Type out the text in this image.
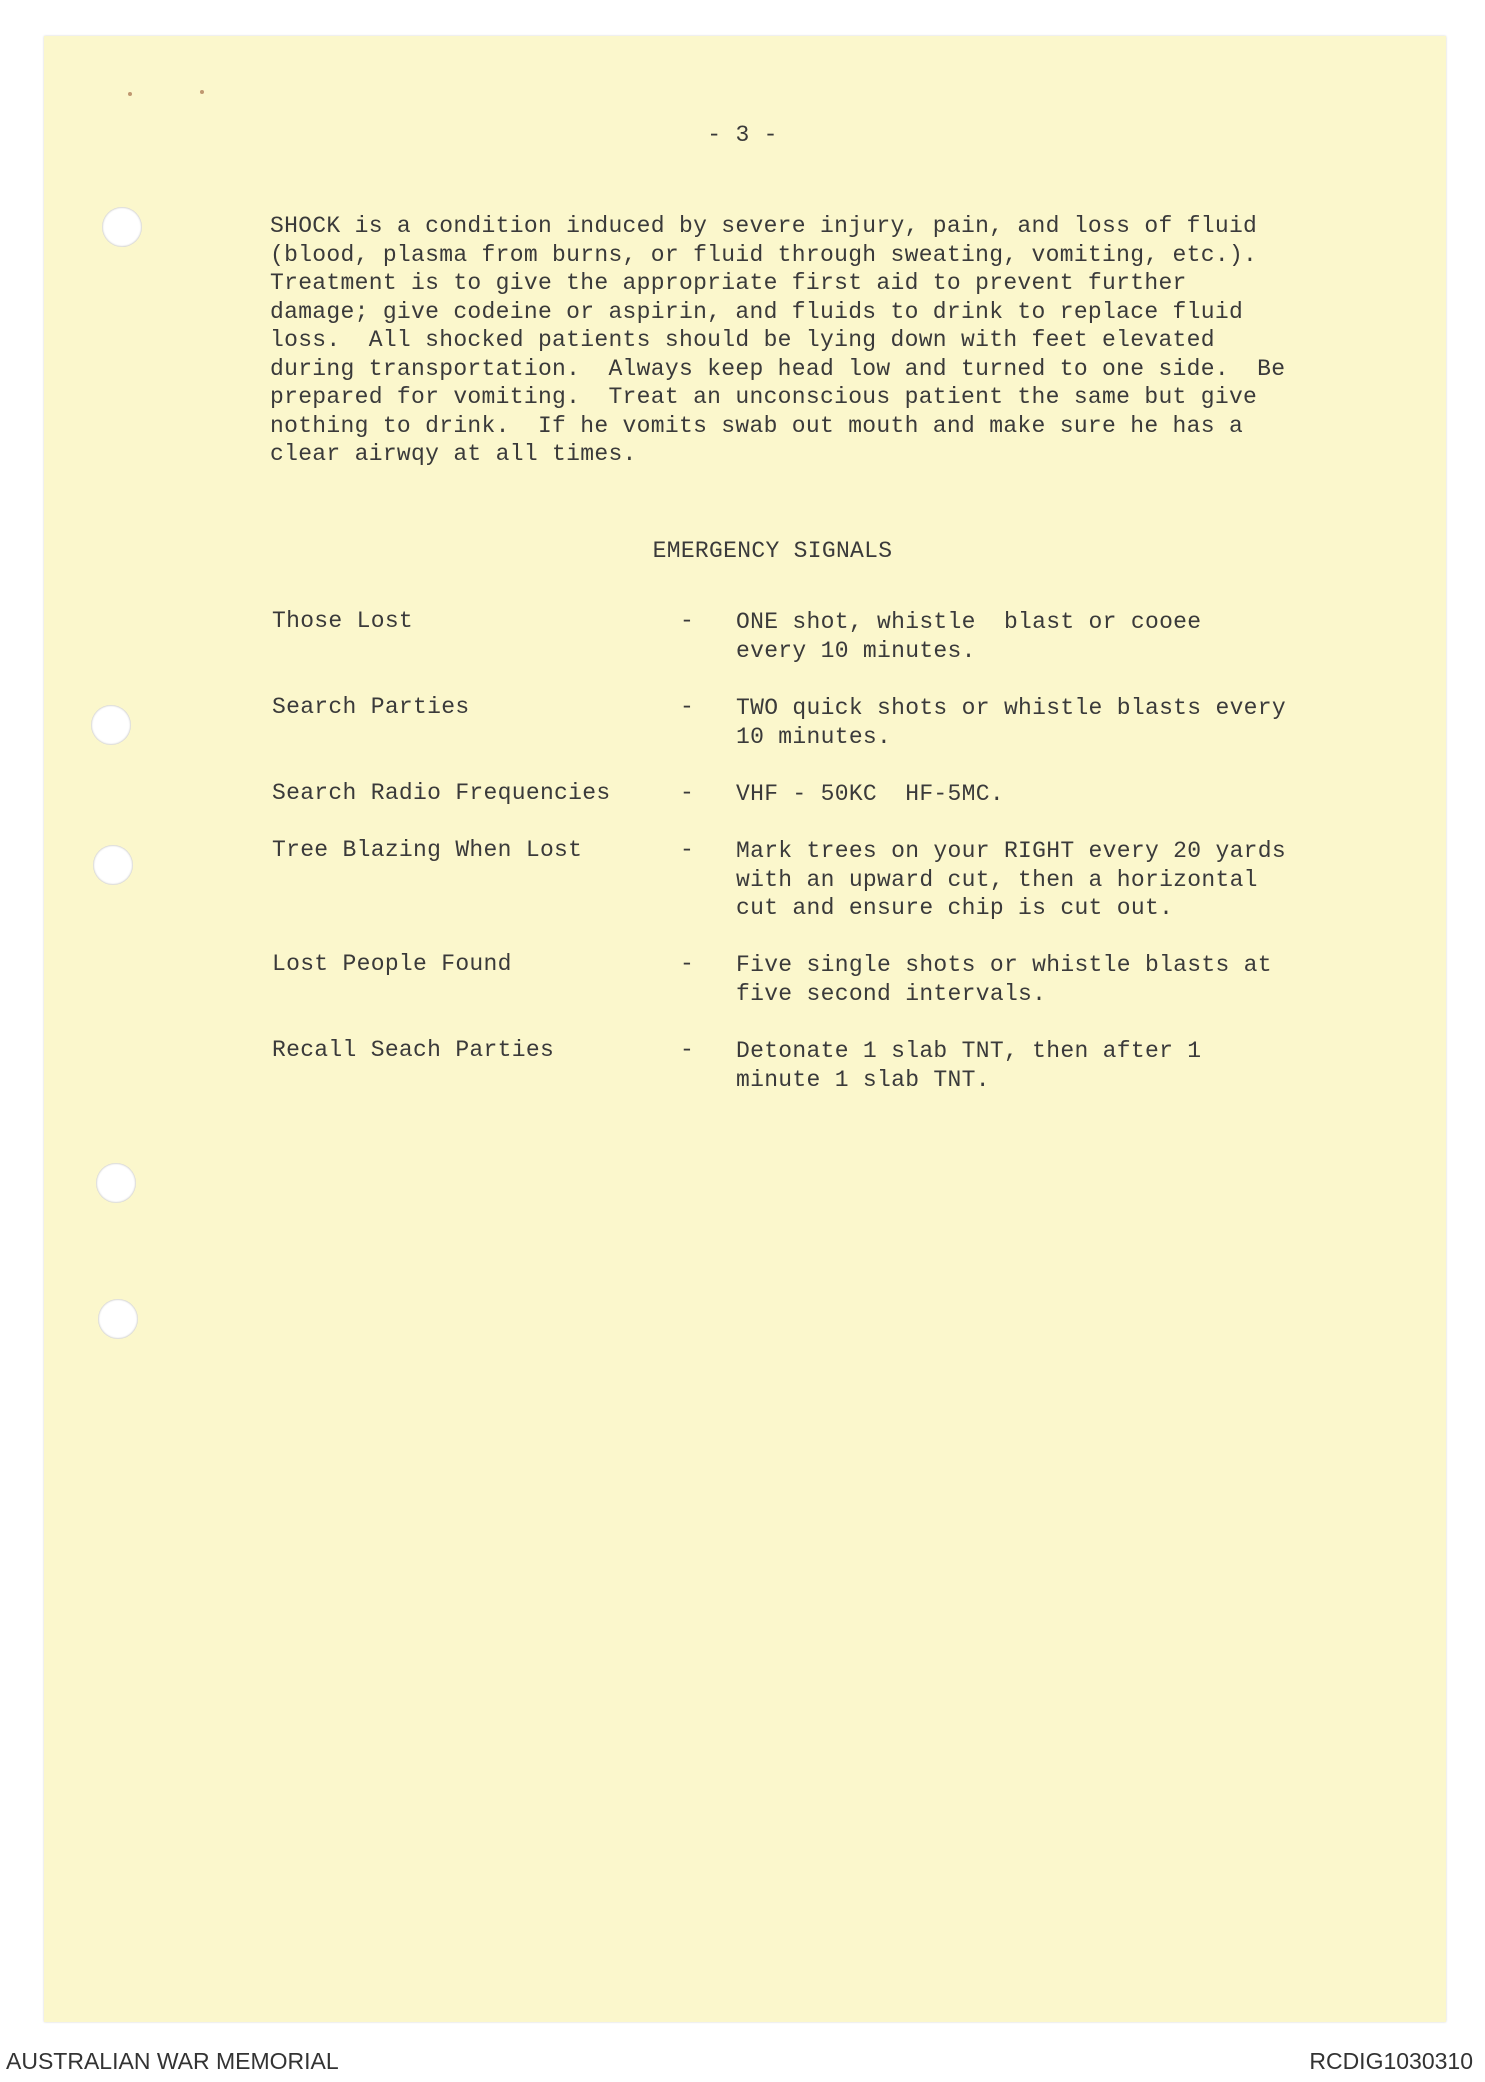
- 3 -
SHOCK is a condition induced by severe injury, pain, and loss of fluid
(blood, plasma from burns, or fluid through sweating, vomiting, etc.).
Treatment is to give the appropriate first aid to prevent further
damage; give codeine or aspirin, and fluids to drink to replace fluid
loss.  All shocked patients should be lying down with feet elevated
during transportation.  Always keep head low and turned to one side.  Be
prepared for vomiting.  Treat an unconscious patient the same but give
nothing to drink.  If he vomits swab out mouth and make sure he has a
clear airwqy at all times.
EMERGENCY SIGNALS
Those Lost	- ONE shot, whistle  blast or cooee
every 10 minutes.
Search Parties	- TWO quick shots or whistle blasts every
10 minutes.
Search Radio Frequencies	- VHF - 50KC  HF-5MC.
Tree Blazing When Lost	- Mark trees on your RIGHT every 20 yards
with an upward cut, then a horizontal
cut and ensure chip is cut out.
Lost People Found	- Five single shots or whistle blasts at
five second intervals.
Recall Seach Parties	- Detonate 1 slab TNT, then after 1
minute 1 slab TNT.
AUSTRALIAN WAR MEMORIAL	RCDIG1030310
